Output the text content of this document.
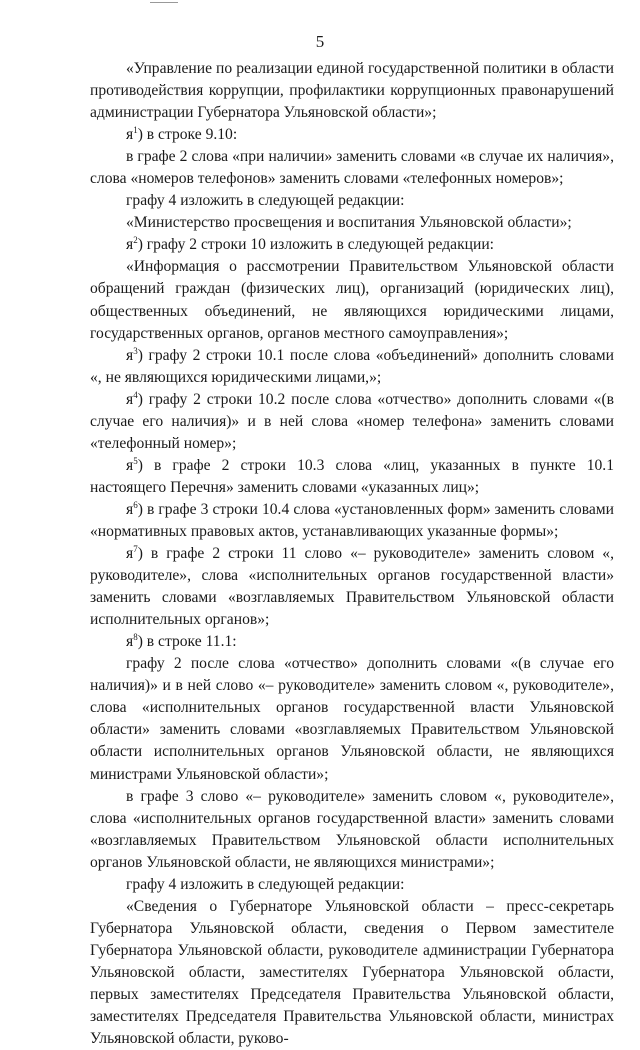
5

«Управление по реализации единой государственной политики в области противодействия коррупции, профилактики коррупционных правонарушений администрации Губернатора Ульяновской области»;

$я^1$) в строке 9.10:

в графе 2 слова «при наличии» заменить словами «в случае их наличия», слова «номеров телефонов» заменить словами «телефонных номеров»;

графу 4 изложить в следующей редакции:

«Министерство просвещения и воспитания Ульяновской области»;

$я^2$) графу 2 строки 10 изложить в следующей редакции:

«Информация о рассмотрении Правительством Ульяновской области обращений граждан (физических лиц), организаций (юридических лиц), общественных объединений, не являющихся юридическими лицами, государственных органов, органов местного самоуправления»;

$я^3$) графу 2 строки 10.1 после слова «объединений» дополнить словами «, не являющихся юридическими лицами,»;

$я^4$) графу 2 строки 10.2 после слова «отчество» дополнить словами «(в случае его наличия)» и в ней слова «номер телефона» заменить словами «телефонный номер»;

$я^5$) в графе 2 строки 10.3 слова «лиц, указанных в пункте 10.1 настоящего Перечня» заменить словами «указанных лиц»;

$я^6$) в графе 3 строки 10.4 слова «установленных форм» заменить словами «нормативных правовых актов, устанавливающих указанные формы»;

$я^7$) в графе 2 строки 11 слово «– руководителе» заменить словом «, руководителе», слова «исполнительных органов государственной власти» заменить словами «возглавляемых Правительством Ульяновской области исполнительных органов»;

$я^8$) в строке 11.1:

графу 2 после слова «отчество» дополнить словами «(в случае его наличия)» и в ней слово «– руководителе» заменить словом «, руководителе», слова «исполнительных органов государственной власти Ульяновской области» заменить словами «возглавляемых Правительством Ульяновской области исполнительных органов Ульяновской области, не являющихся министрами Ульяновской области»;

в графе 3 слово «– руководителе» заменить словом «, руководителе», слова «исполнительных органов государственной власти» заменить словами «возглавляемых Правительством Ульяновской области исполнительных органов Ульяновской области, не являющихся министрами»;

графу 4 изложить в следующей редакции:

«Сведения о Губернаторе Ульяновской области – пресс-секретарь Губернатора Ульяновской области, сведения о Первом заместителе Губернатора Ульяновской области, руководителе администрации Губернатора Ульяновской области, заместителях Губернатора Ульяновской области, первых заместителях Председателя Правительства Ульяновской области, заместителях Председателя Правительства Ульяновской области, министрах Ульяновской области, руково-
